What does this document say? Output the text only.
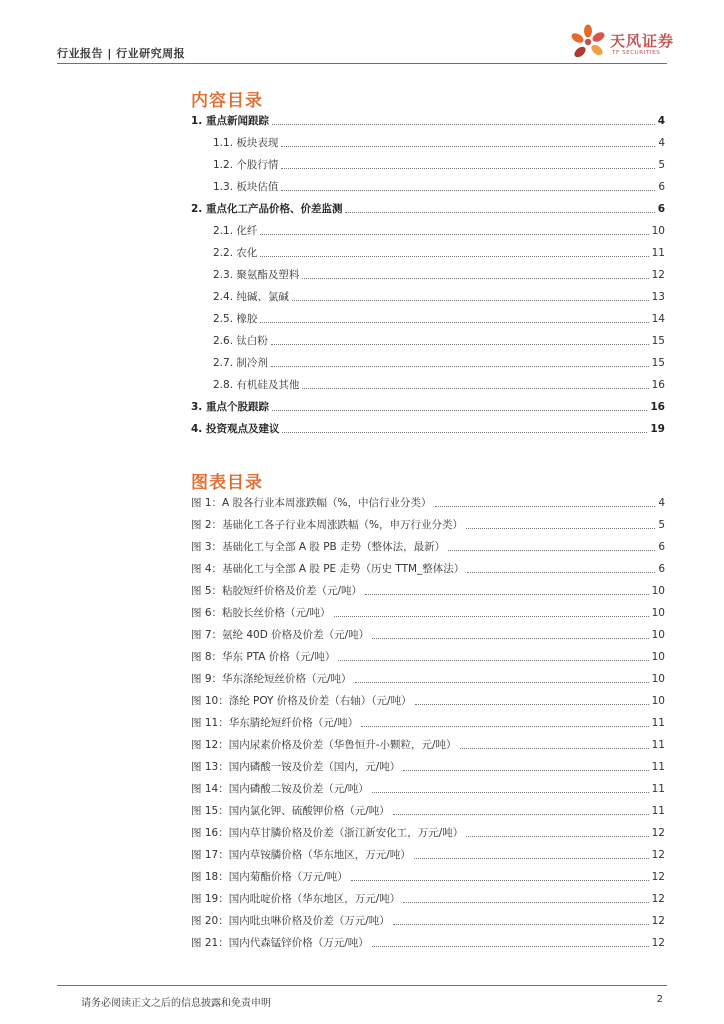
行业报告 | 行业研究周报
天风证券
TF SECURITIES
内容目录
1. 重点新闻跟踪	4
1.1. 板块表现	4
1.2. 个股行情	5
1.3. 板块估值	6
2. 重点化工产品价格、价差监测	6
2.1. 化纤	10
2.2. 农化	11
2.3. 聚氨酯及塑料	12
2.4. 纯碱、氯碱	13
2.5. 橡胶	14
2.6. 钛白粉	15
2.7. 制冷剂	15
2.8. 有机硅及其他	16
3. 重点个股跟踪	16
4. 投资观点及建议	19
图表目录
图 1：A 股各行业本周涨跌幅（%，中信行业分类）	4
图 2：基础化工各子行业本周涨跌幅（%，申万行业分类）	5
图 3：基础化工与全部 A 股 PB 走势（整体法，最新）	6
图 4：基础化工与全部 A 股 PE 走势（历史 TTM_整体法）	6
图 5：粘胶短纤价格及价差（元/吨）	10
图 6：粘胶长丝价格（元/吨）	10
图 7：氨纶 40D 价格及价差（元/吨）	10
图 8：华东 PTA 价格（元/吨）	10
图 9：华东涤纶短丝价格（元/吨）	10
图 10：涤纶 POY 价格及价差（右轴）（元/吨）	10
图 11：华东腈纶短纤价格（元/吨）	11
图 12：国内尿素价格及价差（华鲁恒升-小颗粒，元/吨）	11
图 13：国内磷酸一铵及价差（国内，元/吨）	11
图 14：国内磷酸二铵及价差（元/吨）	11
图 15：国内氯化钾、硫酸钾价格（元/吨）	11
图 16：国内草甘膦价格及价差（浙江新安化工，万元/吨）	12
图 17：国内草铵膦价格（华东地区，万元/吨）	12
图 18：国内菊酯价格（万元/吨）	12
图 19：国内吡啶价格（华东地区，万元/吨）	12
图 20：国内吡虫啉价格及价差（万元/吨）	12
图 21：国内代森锰锌价格（万元/吨）	12
请务必阅读正文之后的信息披露和免责申明	2
